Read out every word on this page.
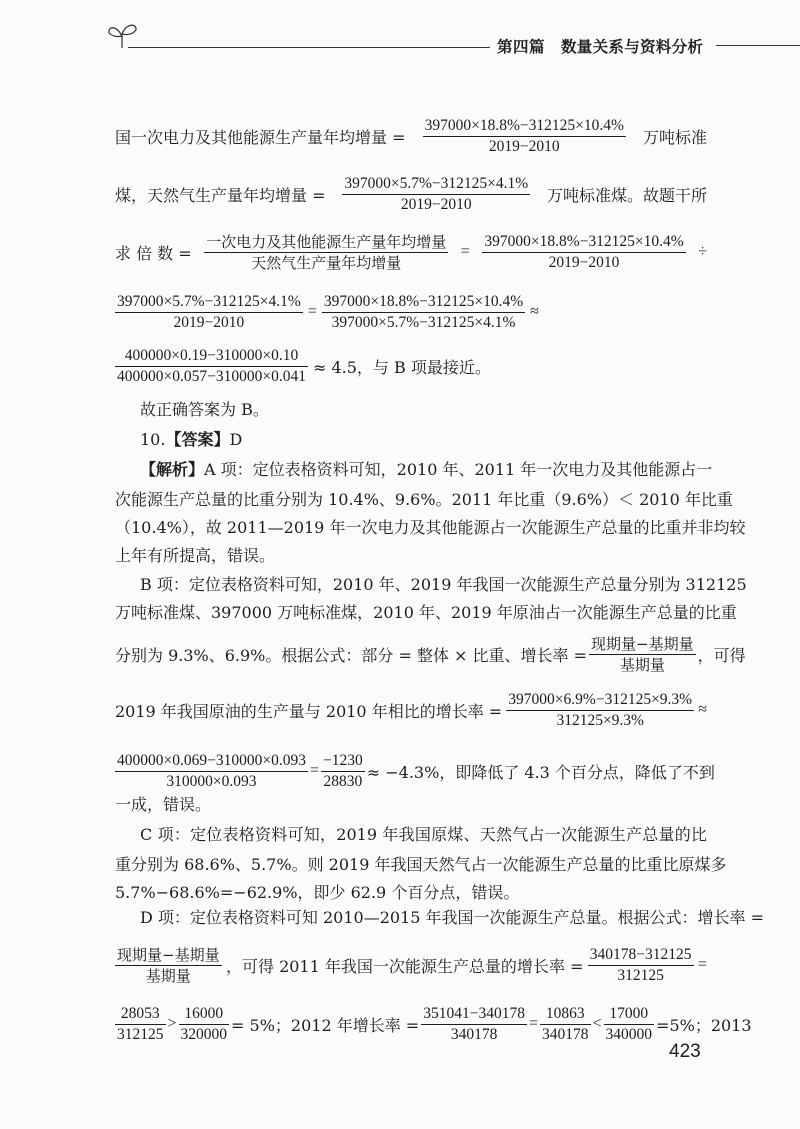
第四篇 数量关系与资料分析
国一次电力及其他能源生产量年均增量 = $\frac{397000\times 18.8\%-312125\times 10.4\%}{2019-2010}$ 万吨标准
煤，天然气生产量年均增量 = $\frac{397000\times 5.7\%-312125\times 4.1\%}{2019-2010}$ 万吨标准煤。故题干所
求 倍 数 = $\frac{\text{一次电力及其他能源生产量年均增量}}{\text{天然气生产量年均增量}} = \frac{397000\times 18.8\%-312125\times 10.4\%}{2019-2010}$ ÷
$\frac{397000\times 5.7\%-312125\times 4.1\%}{2019-2010} = \frac{397000\times 18.8\%-312125\times 10.4\%}{397000\times 5.7\%-312125\times 4.1\%}$ ≈
$\frac{400000\times 0.19-310000\times 0.10}{400000\times 0.057-310000\times 0.041} \approx 4.5$，与 B 项最接近。
故正确答案为 B。
10.【答案】D
【解析】A 项：定位表格资料可知，2010 年、2011 年一次电力及其他能源占一
次能源生产总量的比重分别为 10.4%、9.6%。2011 年比重（9.6%）＜ 2010 年比重
（10.4%），故 2011—2019 年一次电力及其他能源占一次能源生产总量的比重并非均较
上年有所提高，错误。
B 项：定位表格资料可知，2010 年、2019 年我国一次能源生产总量分别为 312125
万吨标准煤、397000 万吨标准煤，2010 年、2019 年原油占一次能源生产总量的比重
分别为 9.3%、6.9%。根据公式：部分 = 整体 × 比重、增长率 = $\frac{\text{现期量−基期量}}{\text{基期量}}$ ，可得
2019 年我国原油的生产量与 2010 年相比的增长率 = $\frac{397000\times 6.9\%-312125\times 9.3\%}{312125\times 9.3\%}$ ≈
$\frac{400000\times 0.069-310000\times 0.093}{310000\times 0.093} = \frac{-1230}{28830} \approx -4.3\%$，即降低了 4.3 个百分点，降低了不到
一成，错误。
C 项：定位表格资料可知，2019 年我国原煤、天然气占一次能源生产总量的比
重分别为 68.6%、5.7%。则 2019 年我国天然气占一次能源生产总量的比重比原煤多
5.7%−68.6%=−62.9%，即少 62.9 个百分点，错误。
D 项：定位表格资料可知 2010—2015 年我国一次能源生产总量。根据公式：增长率 =
$\frac{\text{现期量−基期量}}{\text{基期量}}$ ，可得 2011 年我国一次能源生产总量的增长率 = $\frac{340178-312125}{312125}$ =
$\frac{28053}{312125} > \frac{16000}{320000} = 5\%$；2012 年增长率 = $\frac{351041-340178}{340178} = \frac{10863}{340178} < \frac{17000}{340000} =5\%$；2013
423
